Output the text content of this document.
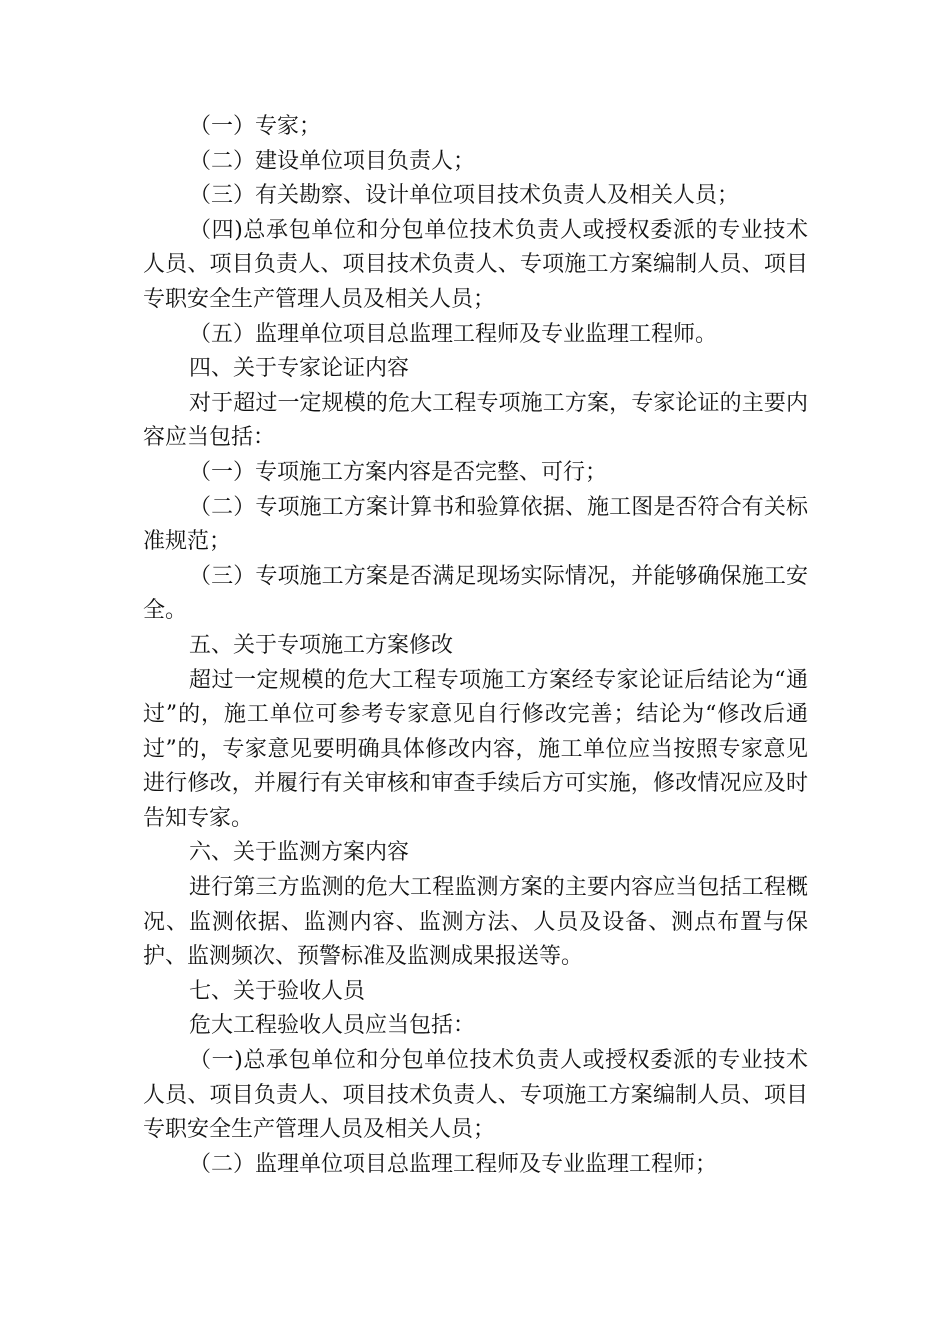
（一）专家；

（二）建设单位项目负责人；

（三）有关勘察、设计单位项目技术负责人及相关人员；

（四)总承包单位和分包单位技术负责人或授权委派的专业技术人员、项目负责人、项目技术负责人、专项施工方案编制人员、项目专职安全生产管理人员及相关人员；

（五）监理单位项目总监理工程师及专业监理工程师。

四、关于专家论证内容

对于超过一定规模的危大工程专项施工方案，专家论证的主要内容应当包括：

（一）专项施工方案内容是否完整、可行；

（二）专项施工方案计算书和验算依据、施工图是否符合有关标准规范；

（三）专项施工方案是否满足现场实际情况，并能够确保施工安全。

五、关于专项施工方案修改

超过一定规模的危大工程专项施工方案经专家论证后结论为“通过”的，施工单位可参考专家意见自行修改完善；结论为“修改后通过”的，专家意见要明确具体修改内容，施工单位应当按照专家意见进行修改，并履行有关审核和审查手续后方可实施，修改情况应及时告知专家。

六、关于监测方案内容

进行第三方监测的危大工程监测方案的主要内容应当包括工程概况、监测依据、监测内容、监测方法、人员及设备、测点布置与保护、监测频次、预警标准及监测成果报送等。

七、关于验收人员

危大工程验收人员应当包括：

（一)总承包单位和分包单位技术负责人或授权委派的专业技术人员、项目负责人、项目技术负责人、专项施工方案编制人员、项目专职安全生产管理人员及相关人员；

（二）监理单位项目总监理工程师及专业监理工程师；
